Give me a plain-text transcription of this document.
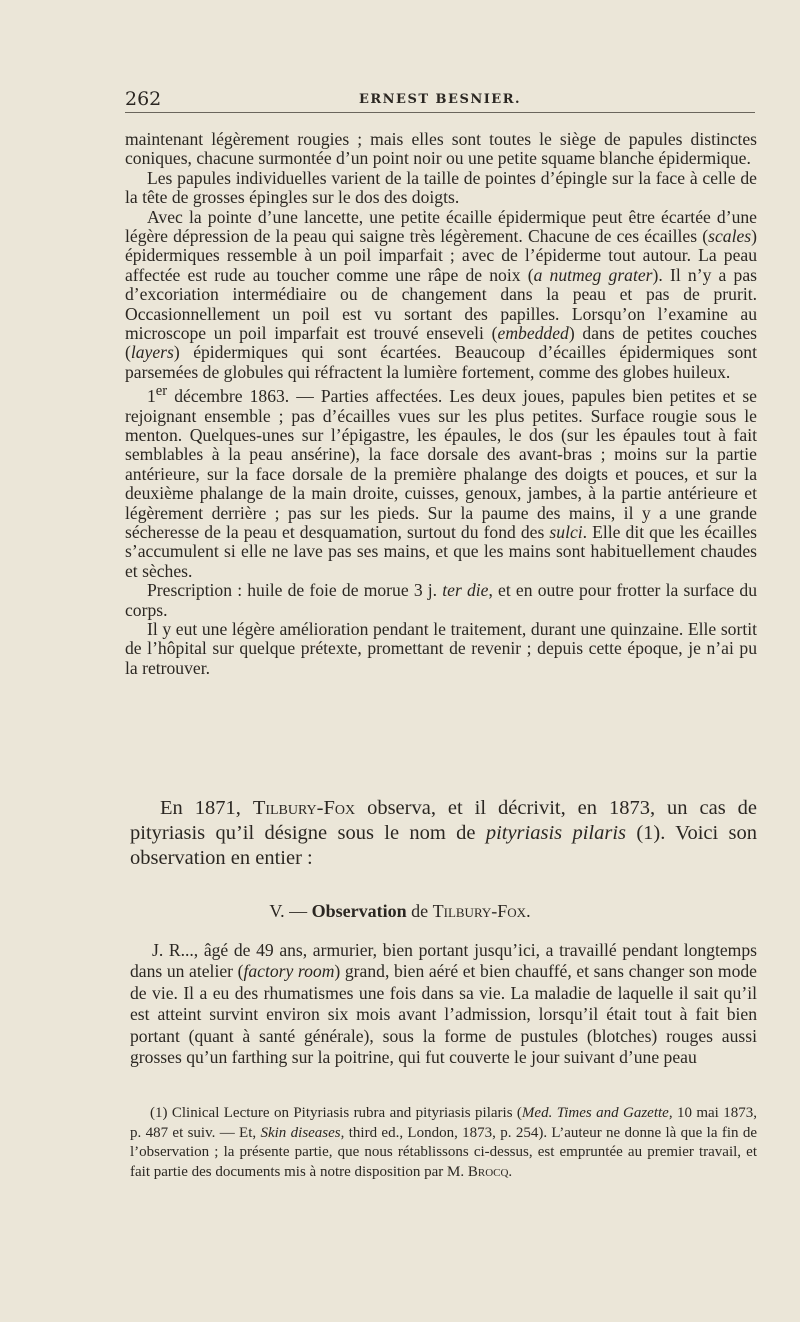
262	ERNEST BESNIER.

maintenant légèrement rougies ; mais elles sont toutes le siège de papules distinctes coniques, chacune surmontée d’un point noir ou une petite squame blanche épidermique.

Les papules individuelles varient de la taille de pointes d’épingle sur la face à celle de la tête de grosses épingles sur le dos des doigts.

Avec la pointe d’une lancette, une petite écaille épidermique peut être écartée d’une légère dépression de la peau qui saigne très légèrement. Chacune de ces écailles (scales) épidermiques ressemble à un poil imparfait ; avec de l’épiderme tout autour. La peau affectée est rude au toucher comme une râpe de noix (a nutmeg grater). Il n’y a pas d’excoriation intermédiaire ou de changement dans la peau et pas de prurit. Occasionnellement un poil est vu sortant des papilles. Lorsqu’on l’examine au microscope un poil imparfait est trouvé enseveli (embedded) dans de petites couches (layers) épidermiques qui sont écartées. Beaucoup d’écailles épidermiques sont parsemées de globules qui réfractent la lumière fortement, comme des globes huileux.

1er décembre 1863. — Parties affectées. Les deux joues, papules bien petites et se rejoignant ensemble ; pas d’écailles vues sur les plus petites. Surface rougie sous le menton. Quelques-unes sur l’épigastre, les épaules, le dos (sur les épaules tout à fait semblables à la peau ansérine), la face dorsale des avant-bras ; moins sur la partie antérieure, sur la face dorsale de la première phalange des doigts et pouces, et sur la deuxième phalange de la main droite, cuisses, genoux, jambes, à la partie antérieure et légèrement derrière ; pas sur les pieds. Sur la paume des mains, il y a une grande sécheresse de la peau et desquamation, surtout du fond des sulci. Elle dit que les écailles s’accumulent si elle ne lave pas ses mains, et que les mains sont habituellement chaudes et sèches.

Prescription : huile de foie de morue 3 j. ter die, et en outre pour frotter la surface du corps.

Il y eut une légère amélioration pendant le traitement, durant une quinzaine. Elle sortit de l’hôpital sur quelque prétexte, promettant de revenir ; depuis cette époque, je n’ai pu la retrouver.

En 1871, Tilbury-Fox observa, et il décrivit, en 1873, un cas de pityriasis qu’il désigne sous le nom de pityriasis pilaris (1). Voici son observation en entier :

V. — Observation de Tilbury-Fox.

J. R..., âgé de 49 ans, armurier, bien portant jusqu’ici, a travaillé pendant longtemps dans un atelier (factory room) grand, bien aéré et bien chauffé, et sans changer son mode de vie. Il a eu des rhumatismes une fois dans sa vie. La maladie de laquelle il sait qu’il est atteint survint environ six mois avant l’admission, lorsqu’il était tout à fait bien portant (quant à santé générale), sous la forme de pustules (blotches) rouges aussi grosses qu’un farthing sur la poitrine, qui fut couverte le jour suivant d’une peau

(1) Clinical Lecture on Pityriasis rubra and pityriasis pilaris (Med. Times and Gazette, 10 mai 1873, p. 487 et suiv. — Et, Skin diseases, third ed., London, 1873, p. 254). L’auteur ne donne là que la fin de l’observation ; la présente partie, que nous rétablissons ci-dessus, est empruntée au premier travail, et fait partie des documents mis à notre disposition par M. Brocq.
